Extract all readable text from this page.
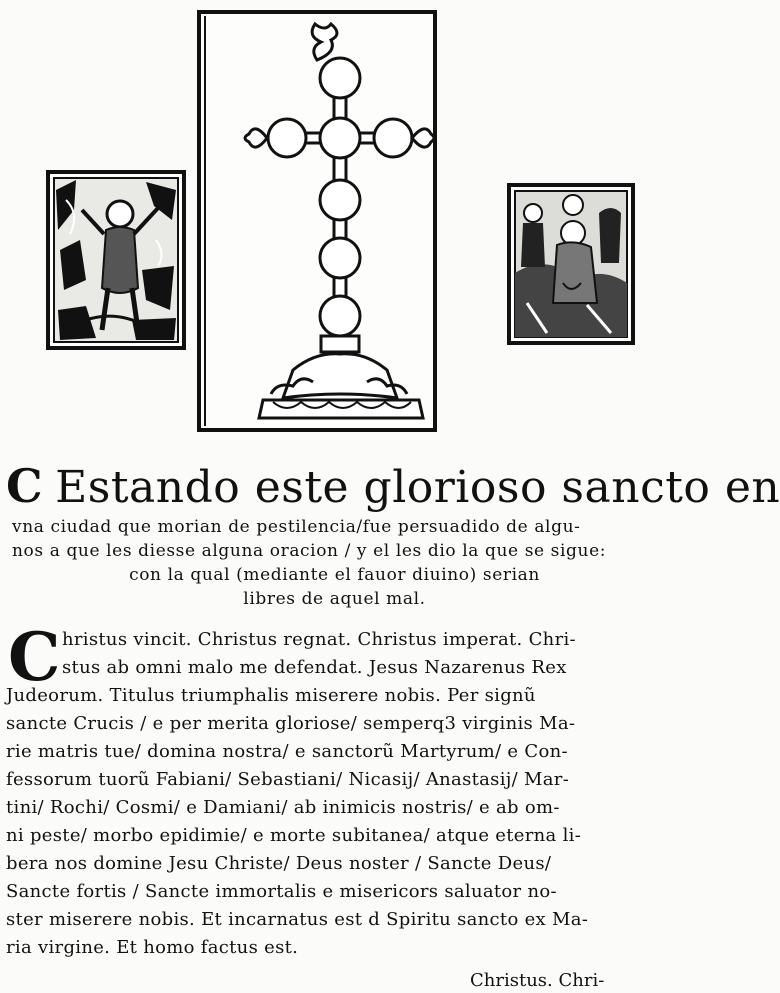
C Estando este glorioso sancto en
vna ciudad que morian de pestilencia/fue persuadido de algu-
nos a que les diesse alguna oracion / y el les dio la que se sigue:
con la qual (mediante el fauor diuino) serian
libres de aquel mal.
C hristus vincit. Christus regnat. Christus imperat. Chri-
stus ab omni malo me defendat. Jesus Nazarenus Rex
Judeorum. Titulus triumphalis miserere nobis. Per signũ
sancte Crucis / e per merita gloriose/ semperq3 virginis Ma-
rie matris tue/ domina nostra/ e sanctorũ Martyrum/ e Con-
fessorum tuorũ Fabiani/ Sebastiani/ Nicasij/ Anastasij/ Mar-
tini/ Rochi/ Cosmi/ e Damiani/ ab inimicis nostris/ e ab om-
ni peste/ morbo epidimie/ e morte subitanea/ atque eterna li-
bera nos domine Jesu Christe/ Deus noster / Sancte Deus/
Sancte fortis / Sancte immortalis e misericors saluator no-
ster miserere nobis. Et incarnatus est d Spiritu sancto ex Ma-
ria virgine. Et homo factus est.
Christus. Chri-
